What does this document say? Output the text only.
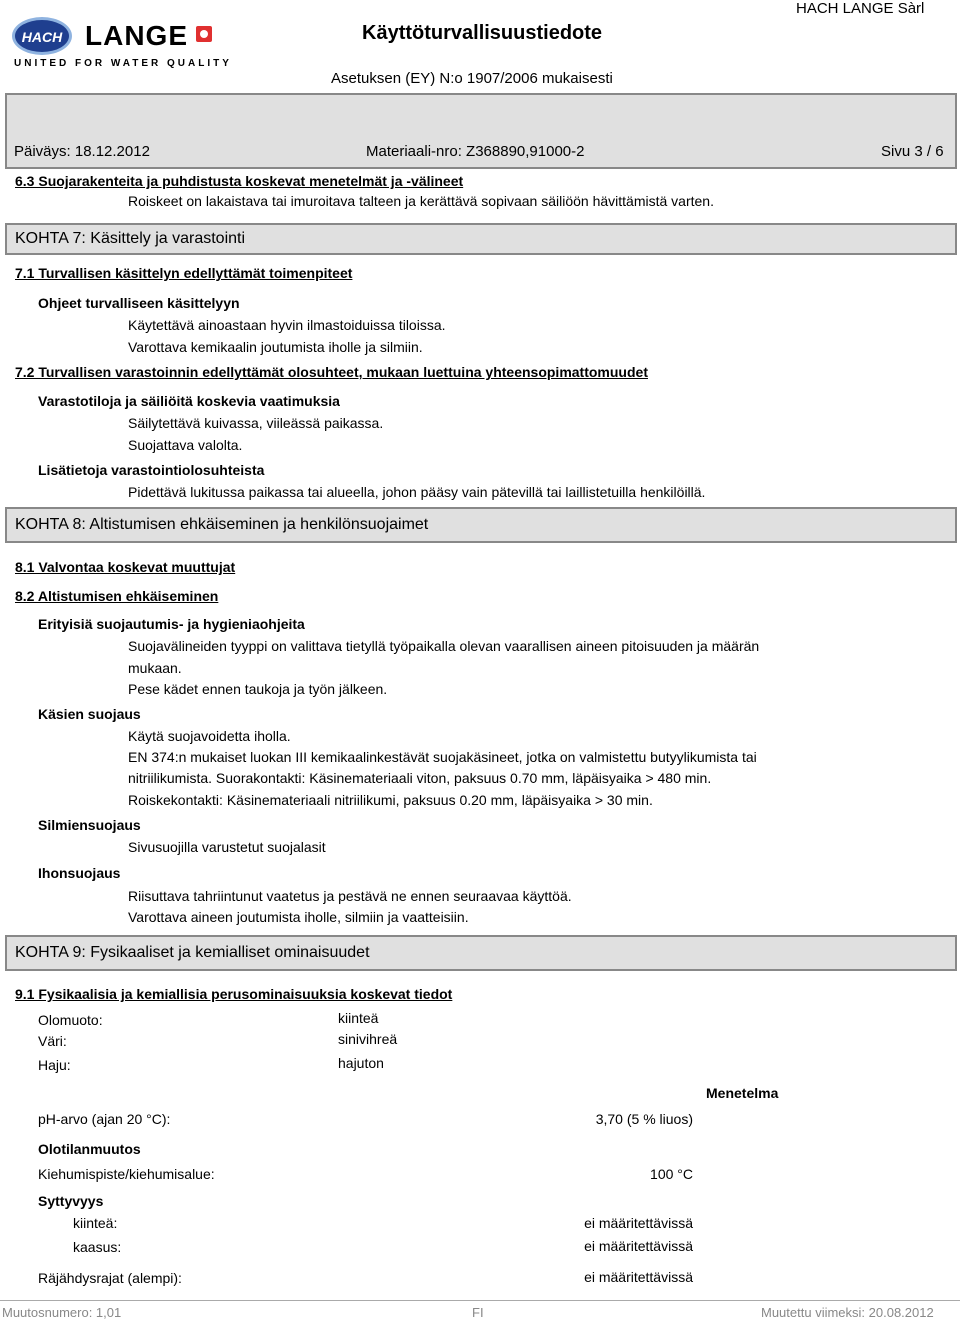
HACH LANGE
UNITED FOR WATER QUALITY
Käyttöturvallisuustiedote
HACH LANGE Sàrl
Asetuksen (EY) N:o 1907/2006 mukaisesti
Päiväys: 18.12.2012	Materiaali-nro: Z368890,91000-2	Sivu 3 / 6
6.3 Suojarakenteita ja puhdistusta koskevat menetelmät ja -välineet
Roiskeet on lakaistava tai imuroitava talteen ja kerättävä sopivaan säiliöön hävittämistä varten.
KOHTA 7: Käsittely ja varastointi
7.1 Turvallisen käsittelyn edellyttämät toimenpiteet
Ohjeet turvalliseen käsittelyyn
Käytettävä ainoastaan hyvin ilmastoiduissa tiloissa.
Varottava kemikaalin joutumista iholle ja silmiin.
7.2 Turvallisen varastoinnin edellyttämät olosuhteet, mukaan luettuina yhteensopimattomuudet
Varastotiloja ja säiliöitä koskevia vaatimuksia
Säilytettävä kuivassa, viileässä paikassa.
Suojattava valolta.
Lisätietoja varastointiolosuhteista
Pidettävä lukitussa paikassa tai alueella, johon pääsy vain pätevillä tai laillistetuilla henkilöillä.
KOHTA 8: Altistumisen ehkäiseminen ja henkilönsuojaimet
8.1 Valvontaa koskevat muuttujat
8.2 Altistumisen ehkäiseminen
Erityisiä suojautumis- ja hygieniaohjeita
Suojavälineiden tyyppi on valittava tietyllä työpaikalla olevan vaarallisen aineen pitoisuuden ja määrän
mukaan.
Pese kädet ennen taukoja ja työn jälkeen.
Käsien suojaus
Käytä suojavoidetta iholla.
EN 374:n mukaiset luokan III kemikaalinkestävät suojakäsineet, jotka on valmistettu butyylikumista tai
nitriilikumista. Suorakontakti: Käsinemateriaali viton, paksuus 0.70 mm, läpäisyaika > 480 min.
Roiskekontakti: Käsinemateriaali nitriilikumi, paksuus 0.20 mm, läpäisyaika > 30 min.
Silmiensuojaus
Sivusuojilla varustetut suojalasit
Ihonsuojaus
Riisuttava tahriintunut vaatetus ja pestävä ne ennen seuraavaa käyttöä.
Varottava aineen joutumista iholle, silmiin ja vaatteisiin.
KOHTA 9: Fysikaaliset ja kemialliset ominaisuudet
9.1 Fysikaalisia ja kemiallisia perusominaisuuksia koskevat tiedot
Olomuoto:	kiinteä
Väri:	sinivihreä
Haju:	hajuton
Menetelma
pH-arvo (ajan 20 °C):	3,70 (5 % liuos)
Olotilanmuutos
Kiehumispiste/kiehumisalue:	100 °C
Syttyvyys
kiinteä:	ei määritettävissä
kaasus:	ei määritettävissä
Räjähdysrajat (alempi):	ei määritettävissä
Muutosnumero: 1,01	FI	Muutettu viimeksi: 20.08.2012
